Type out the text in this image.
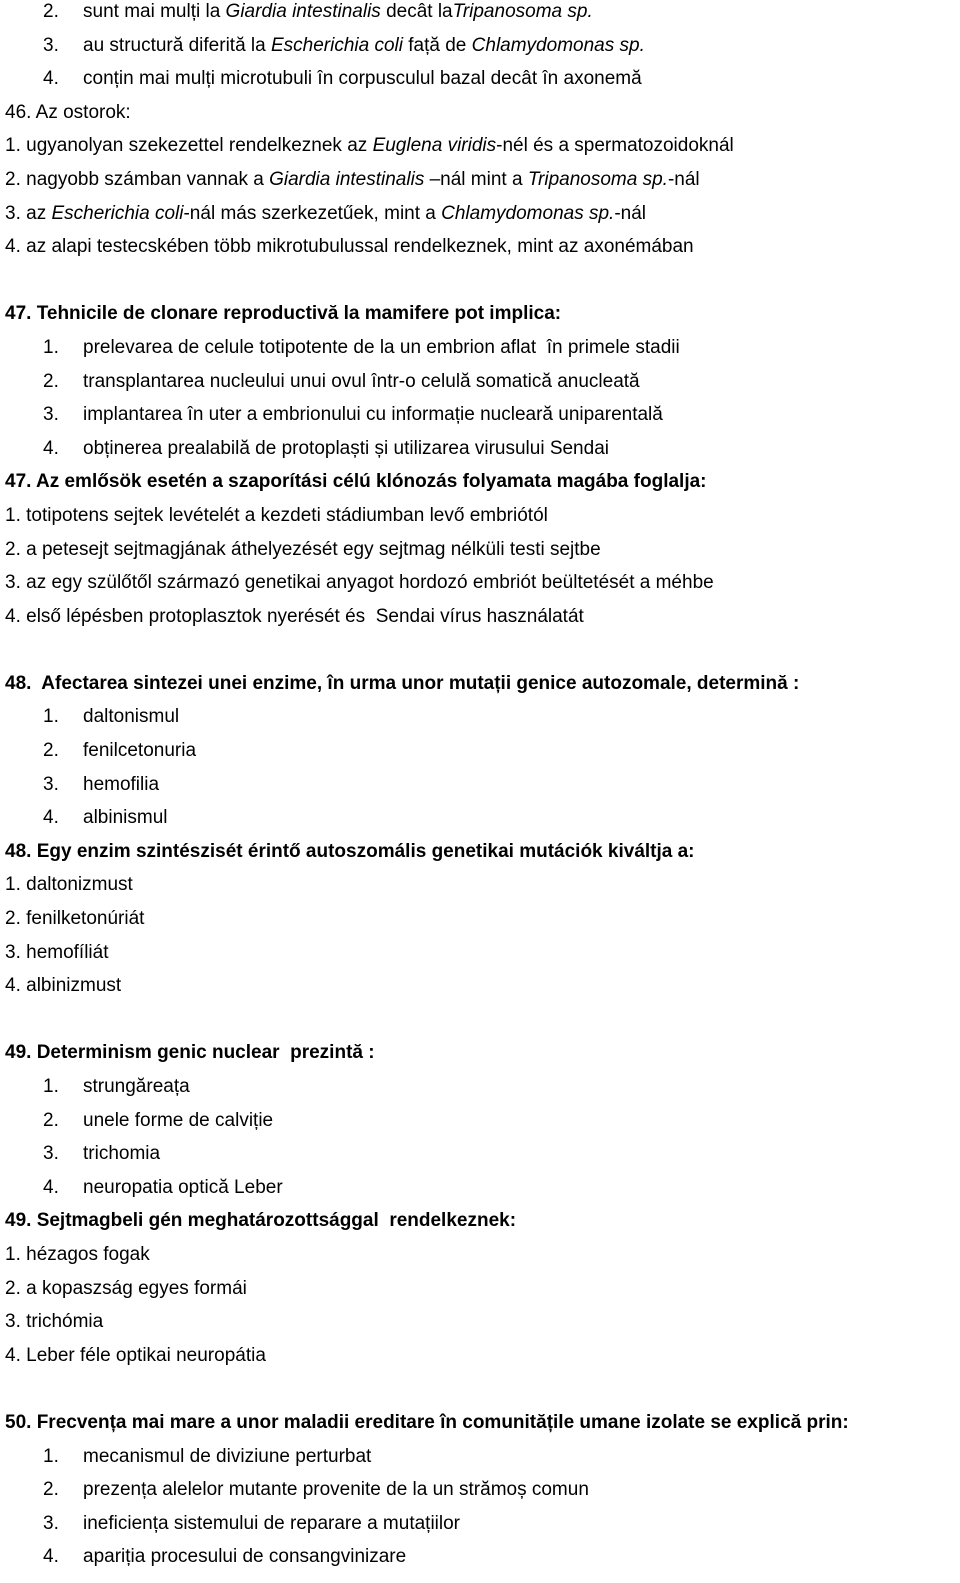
2. sunt mai mulți la Giardia intestinalis decât laTripanosoma sp.
3. au structură diferită la Escherichia coli față de Chlamydomonas sp.
4. conțin mai mulți microtubuli în corpusculul bazal decât în axonemă
46. Az ostorok:
1. ugyanolyan szekezettel rendelkeznek az Euglena viridis-nél és a spermatozoidoknál
2. nagyobb számban vannak a Giardia intestinalis –nál mint a Tripanosoma sp.-nál
3. az Escherichia coli-nál más szerkezetűek, mint a Chlamydomonas sp.-nál
4. az alapi testecskében több mikrotubulussal rendelkeznek, mint az axonémában
47. Tehnicile de clonare reproductivă la mamifere pot implica:
1. prelevarea de celule totipotente de la un embrion aflat  în primele stadii
2. transplantarea nucleului unui ovul într-o celulă somatică anucleată
3. implantarea în uter a embrionului cu informație nucleară uniparentală
4. obținerea prealabilă de protoplaști și utilizarea virusului Sendai
47. Az emlősök esetén a szaporítási célú klónozás folyamata magába foglalja:
1. totipotens sejtek levételét a kezdeti stádiumban levő embriótól
2. a petesejt sejtmagjának áthelyezését egy sejtmag nélküli testi sejtbe
3. az egy szülőtől származó genetikai anyagot hordozó embriót beültetését a méhbe
4. első lépésben protoplasztok nyerését és  Sendai vírus használatát
48.  Afectarea sintezei unei enzime, în urma unor mutații genice autozomale, determină :
1. daltonismul
2. fenilcetonuria
3. hemofilia
4. albinismul
48. Egy enzim szintészisét érintő autoszomális genetikai mutációk kiváltja a:
1. daltonizmust
2. fenilketonúriát
3. hemofíliát
4. albinizmust
49. Determinism genic nuclear  prezintă :
1. strungăreața
2. unele forme de calviție
3. trichomia
4. neuropatia optică Leber
49. Sejtmagbeli gén meghatározottsággal  rendelkeznek:
1. hézagos fogak
2. a kopaszság egyes formái
3. trichómia
4. Leber féle optikai neuropátia
50. Frecvența mai mare a unor maladii ereditare în comunitățile umane izolate se explică prin:
1. mecanismul de diviziune perturbat
2. prezența alelelor mutante provenite de la un strămoș comun
3. ineficiența sistemului de reparare a mutațiilor
4. apariția procesului de consangvinizare
